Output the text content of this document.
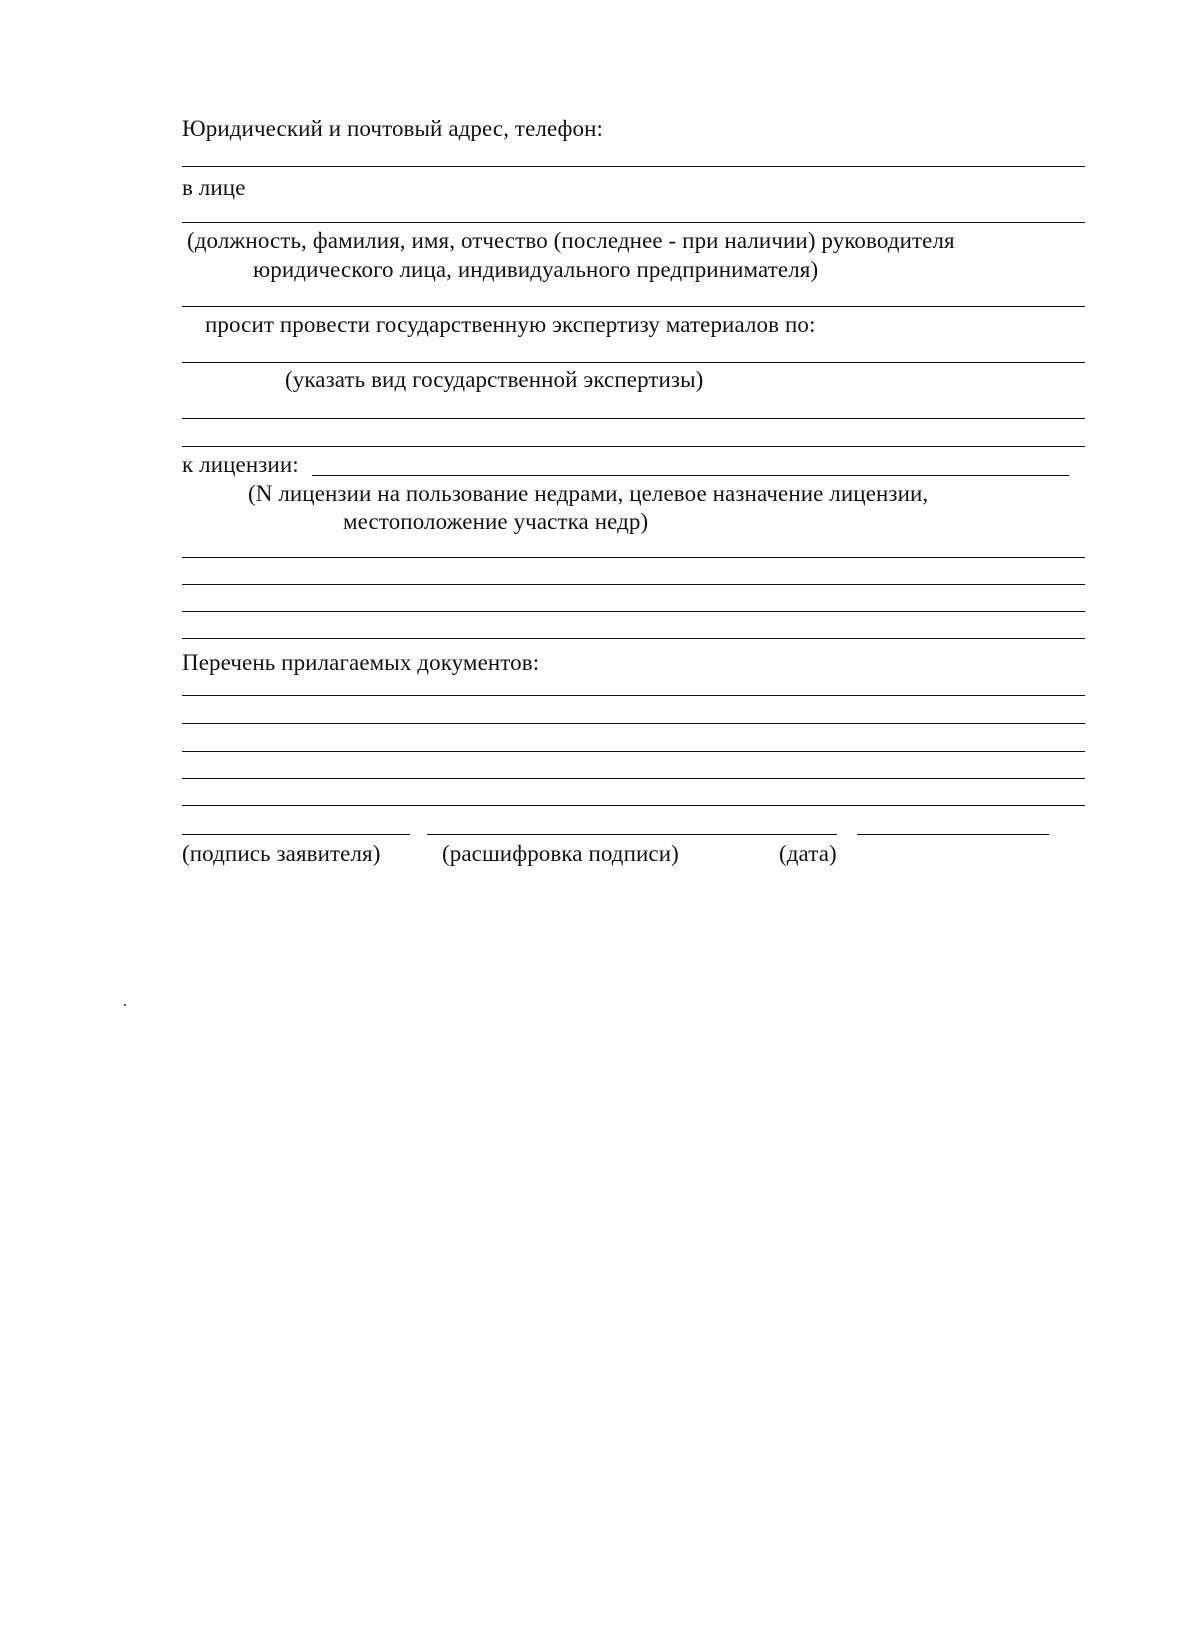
Юридический и почтовый адрес, телефон:
в лице
(должность, фамилия, имя, отчество (последнее - при наличии) руководителя
юридического лица, индивидуального предпринимателя)
просит провести государственную экспертизу материалов по:
(указать вид государственной экспертизы)
к лицензии:
(N лицензии на пользование недрами, целевое назначение лицензии,
местоположение участка недр)
Перечень прилагаемых документов:
(подпись заявителя)	(расшифровка подписи)	(дата)
